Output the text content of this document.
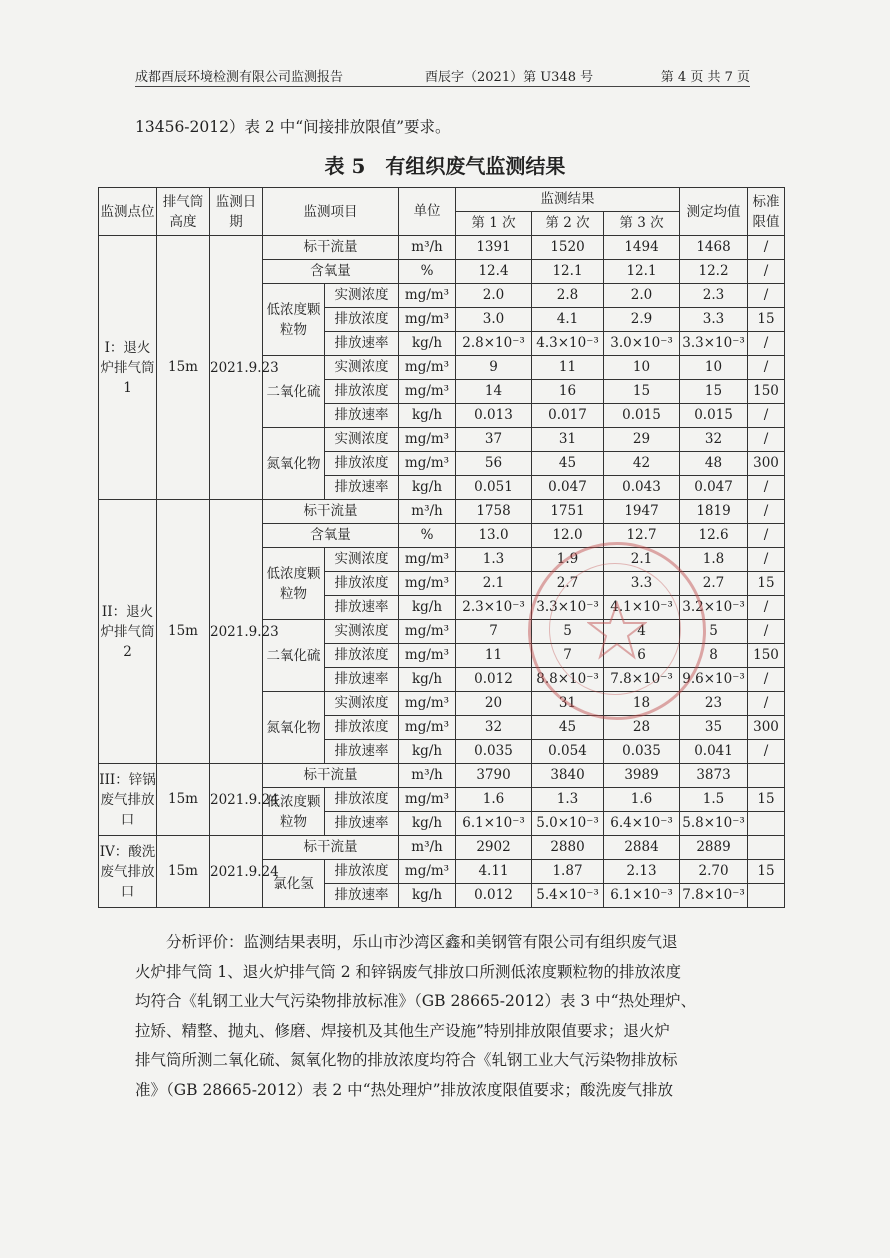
成都酉辰环境检测有限公司监测报告	酉辰字（2021）第 U348 号	第 4 页 共 7 页
13456-2012）表 2 中“间接排放限值”要求。
表 5　有组织废气监测结果
监测点位	排气筒高度	监测日期	监测项目		单位	监测结果			测定均值	标准限值
						第 1 次	第 2 次	第 3 次		
I：退火炉排气筒 1	15m	2021.9.23	标干流量		m³/h	1391	1520	1494	1468	/
			含氧量		%	12.4	12.1	12.1	12.2	/
			低浓度颗粒物	实测浓度	mg/m³	2.0	2.8	2.0	2.3	/
				排放浓度	mg/m³	3.0	4.1	2.9	3.3	15
				排放速率	kg/h	2.8×10⁻³	4.3×10⁻³	3.0×10⁻³	3.3×10⁻³	/
			二氧化硫	实测浓度	mg/m³	9	11	10	10	/
				排放浓度	mg/m³	14	16	15	15	150
				排放速率	kg/h	0.013	0.017	0.015	0.015	/
			氮氧化物	实测浓度	mg/m³	37	31	29	32	/
				排放浓度	mg/m³	56	45	42	48	300
				排放速率	kg/h	0.051	0.047	0.043	0.047	/
II：退火炉排气筒 2	15m	2021.9.23	标干流量		m³/h	1758	1751	1947	1819	/
			含氧量		%	13.0	12.0	12.7	12.6	/
			低浓度颗粒物	实测浓度	mg/m³	1.3	1.9	2.1	1.8	/
				排放浓度	mg/m³	2.1	2.7	3.3	2.7	15
				排放速率	kg/h	2.3×10⁻³	3.3×10⁻³	4.1×10⁻³	3.2×10⁻³	/
			二氧化硫	实测浓度	mg/m³	7	5	4	5	/
				排放浓度	mg/m³	11	7	6	8	150
				排放速率	kg/h	0.012	8.8×10⁻³	7.8×10⁻³	9.6×10⁻³	/
			氮氧化物	实测浓度	mg/m³	20	31	18	23	/
				排放浓度	mg/m³	32	45	28	35	300
				排放速率	kg/h	0.035	0.054	0.035	0.041	/
III：锌锅废气排放口	15m	2021.9.24	标干流量		m³/h	3790	3840	3989	3873	
			低浓度颗粒物	排放浓度	mg/m³	1.6	1.3	1.6	1.5	15
				排放速率	kg/h	6.1×10⁻³	5.0×10⁻³	6.4×10⁻³	5.8×10⁻³	
IV：酸洗废气排放口	15m	2021.9.24	标干流量		m³/h	2902	2880	2884	2889	
			氯化氢	排放浓度	mg/m³	4.11	1.87	2.13	2.70	15
				排放速率	kg/h	0.012	5.4×10⁻³	6.1×10⁻³	7.8×10⁻³	

　　分析评价：监测结果表明，乐山市沙湾区鑫和美钢管有限公司有组织废气退

火炉排气筒 1、退火炉排气筒 2 和锌锅废气排放口所测低浓度颗粒物的排放浓度

均符合《轧钢工业大气污染物排放标准》（GB 28665-2012）表 3 中“热处理炉、

拉矫、精整、抛丸、修磨、焊接机及其他生产设施”特别排放限值要求；退火炉

排气筒所测二氧化硫、氮氧化物的排放浓度均符合《轧钢工业大气污染物排放标

准》（GB 28665-2012）表 2 中“热处理炉”排放浓度限值要求；酸洗废气排放
